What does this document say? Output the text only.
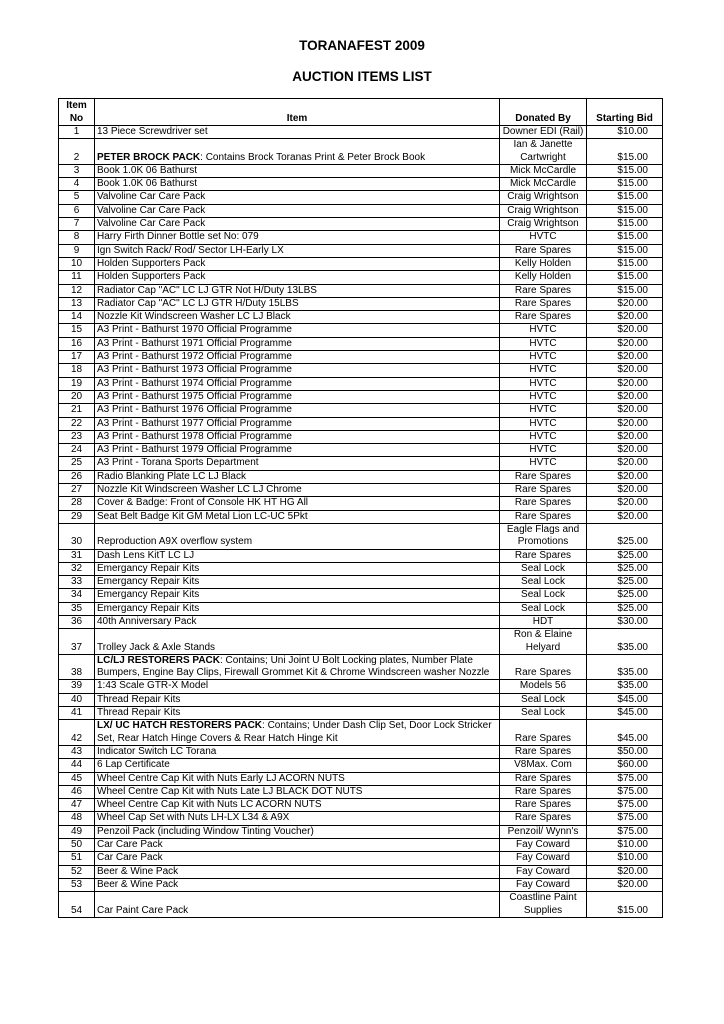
TORANAFEST 2009
AUCTION ITEMS LIST
Item No	Item	Donated By	Starting Bid
1	13 Piece Screwdriver set	Downer EDI (Rail)	$10.00
2	PETER BROCK PACK: Contains Brock Toranas Print & Peter Brock Book	Ian & Janette Cartwright	$15.00
3	Book 1.0K 06 Bathurst	Mick McCardle	$15.00
4	Book 1.0K 06 Bathurst	Mick McCardle	$15.00
5	Valvoline Car Care Pack	Craig Wrightson	$15.00
6	Valvoline Car Care Pack	Craig Wrightson	$15.00
7	Valvoline Car Care Pack	Craig Wrightson	$15.00
8	Harry Firth Dinner Bottle set No: 079	HVTC	$15.00
9	Ign Switch Rack/ Rod/ Sector LH-Early LX	Rare Spares	$15.00
10	Holden Supporters Pack	Kelly Holden	$15.00
11	Holden Supporters Pack	Kelly Holden	$15.00
12	Radiator Cap "AC" LC LJ GTR Not H/Duty 13LBS	Rare Spares	$15.00
13	Radiator Cap "AC" LC LJ GTR H/Duty 15LBS	Rare Spares	$20.00
14	Nozzle Kit Windscreen Washer LC LJ Black	Rare Spares	$20.00
15	A3 Print - Bathurst 1970 Official Programme	HVTC	$20.00
16	A3 Print - Bathurst 1971 Official Programme	HVTC	$20.00
17	A3 Print - Bathurst 1972 Official Programme	HVTC	$20.00
18	A3 Print - Bathurst 1973 Official Programme	HVTC	$20.00
19	A3 Print - Bathurst 1974 Official Programme	HVTC	$20.00
20	A3 Print - Bathurst 1975 Official Programme	HVTC	$20.00
21	A3 Print - Bathurst 1976 Official Programme	HVTC	$20.00
22	A3 Print - Bathurst 1977 Official Programme	HVTC	$20.00
23	A3 Print - Bathurst 1978 Official Programme	HVTC	$20.00
24	A3 Print - Bathurst 1979 Official Programme	HVTC	$20.00
25	A3 Print - Torana Sports Department	HVTC	$20.00
26	Radio Blanking Plate LC LJ Black	Rare Spares	$20.00
27	Nozzle Kit Windscreen Washer LC LJ Chrome	Rare Spares	$20.00
28	Cover & Badge: Front of Console HK HT HG All	Rare Spares	$20.00
29	Seat Belt Badge Kit GM Metal Lion LC-UC 5Pkt	Rare Spares	$20.00
30	Reproduction A9X overflow system	Eagle Flags and Promotions	$25.00
31	Dash Lens KitT LC LJ	Rare Spares	$25.00
32	Emergancy Repair Kits	Seal Lock	$25.00
33	Emergancy Repair Kits	Seal Lock	$25.00
34	Emergancy Repair Kits	Seal Lock	$25.00
35	Emergancy Repair Kits	Seal Lock	$25.00
36	40th Anniversary Pack	HDT	$30.00
37	Trolley Jack & Axle Stands	Ron & Elaine Helyard	$35.00
38	LC/LJ RESTORERS PACK: Contains; Uni Joint U Bolt Locking plates, Number Plate Bumpers, Engine Bay Clips, Firewall Grommet Kit & Chrome Windscreen washer Nozzle	Rare Spares	$35.00
39	1:43 Scale GTR-X Model	Models 56	$35.00
40	Thread Repair Kits	Seal Lock	$45.00
41	Thread Repair Kits	Seal Lock	$45.00
42	LX/ UC HATCH RESTORERS PACK: Contains; Under Dash Clip Set, Door Lock Stricker Set, Rear Hatch Hinge Covers & Rear Hatch Hinge Kit	Rare Spares	$45.00
43	Indicator Switch LC Torana	Rare Spares	$50.00
44	6 Lap Certificate	V8Max. Com	$60.00
45	Wheel Centre Cap Kit with Nuts Early LJ ACORN NUTS	Rare Spares	$75.00
46	Wheel Centre Cap Kit with Nuts Late LJ BLACK DOT NUTS	Rare Spares	$75.00
47	Wheel Centre Cap Kit with Nuts LC ACORN NUTS	Rare Spares	$75.00
48	Wheel Cap Set with Nuts LH-LX L34 & A9X	Rare Spares	$75.00
49	Penzoil Pack (including Window Tinting Voucher)	Penzoil/ Wynn's	$75.00
50	Car Care Pack	Fay Coward	$10.00
51	Car Care Pack	Fay Coward	$10.00
52	Beer & Wine Pack	Fay Coward	$20.00
53	Beer & Wine Pack	Fay Coward	$20.00
54	Car Paint Care Pack	Coastline Paint Supplies	$15.00
